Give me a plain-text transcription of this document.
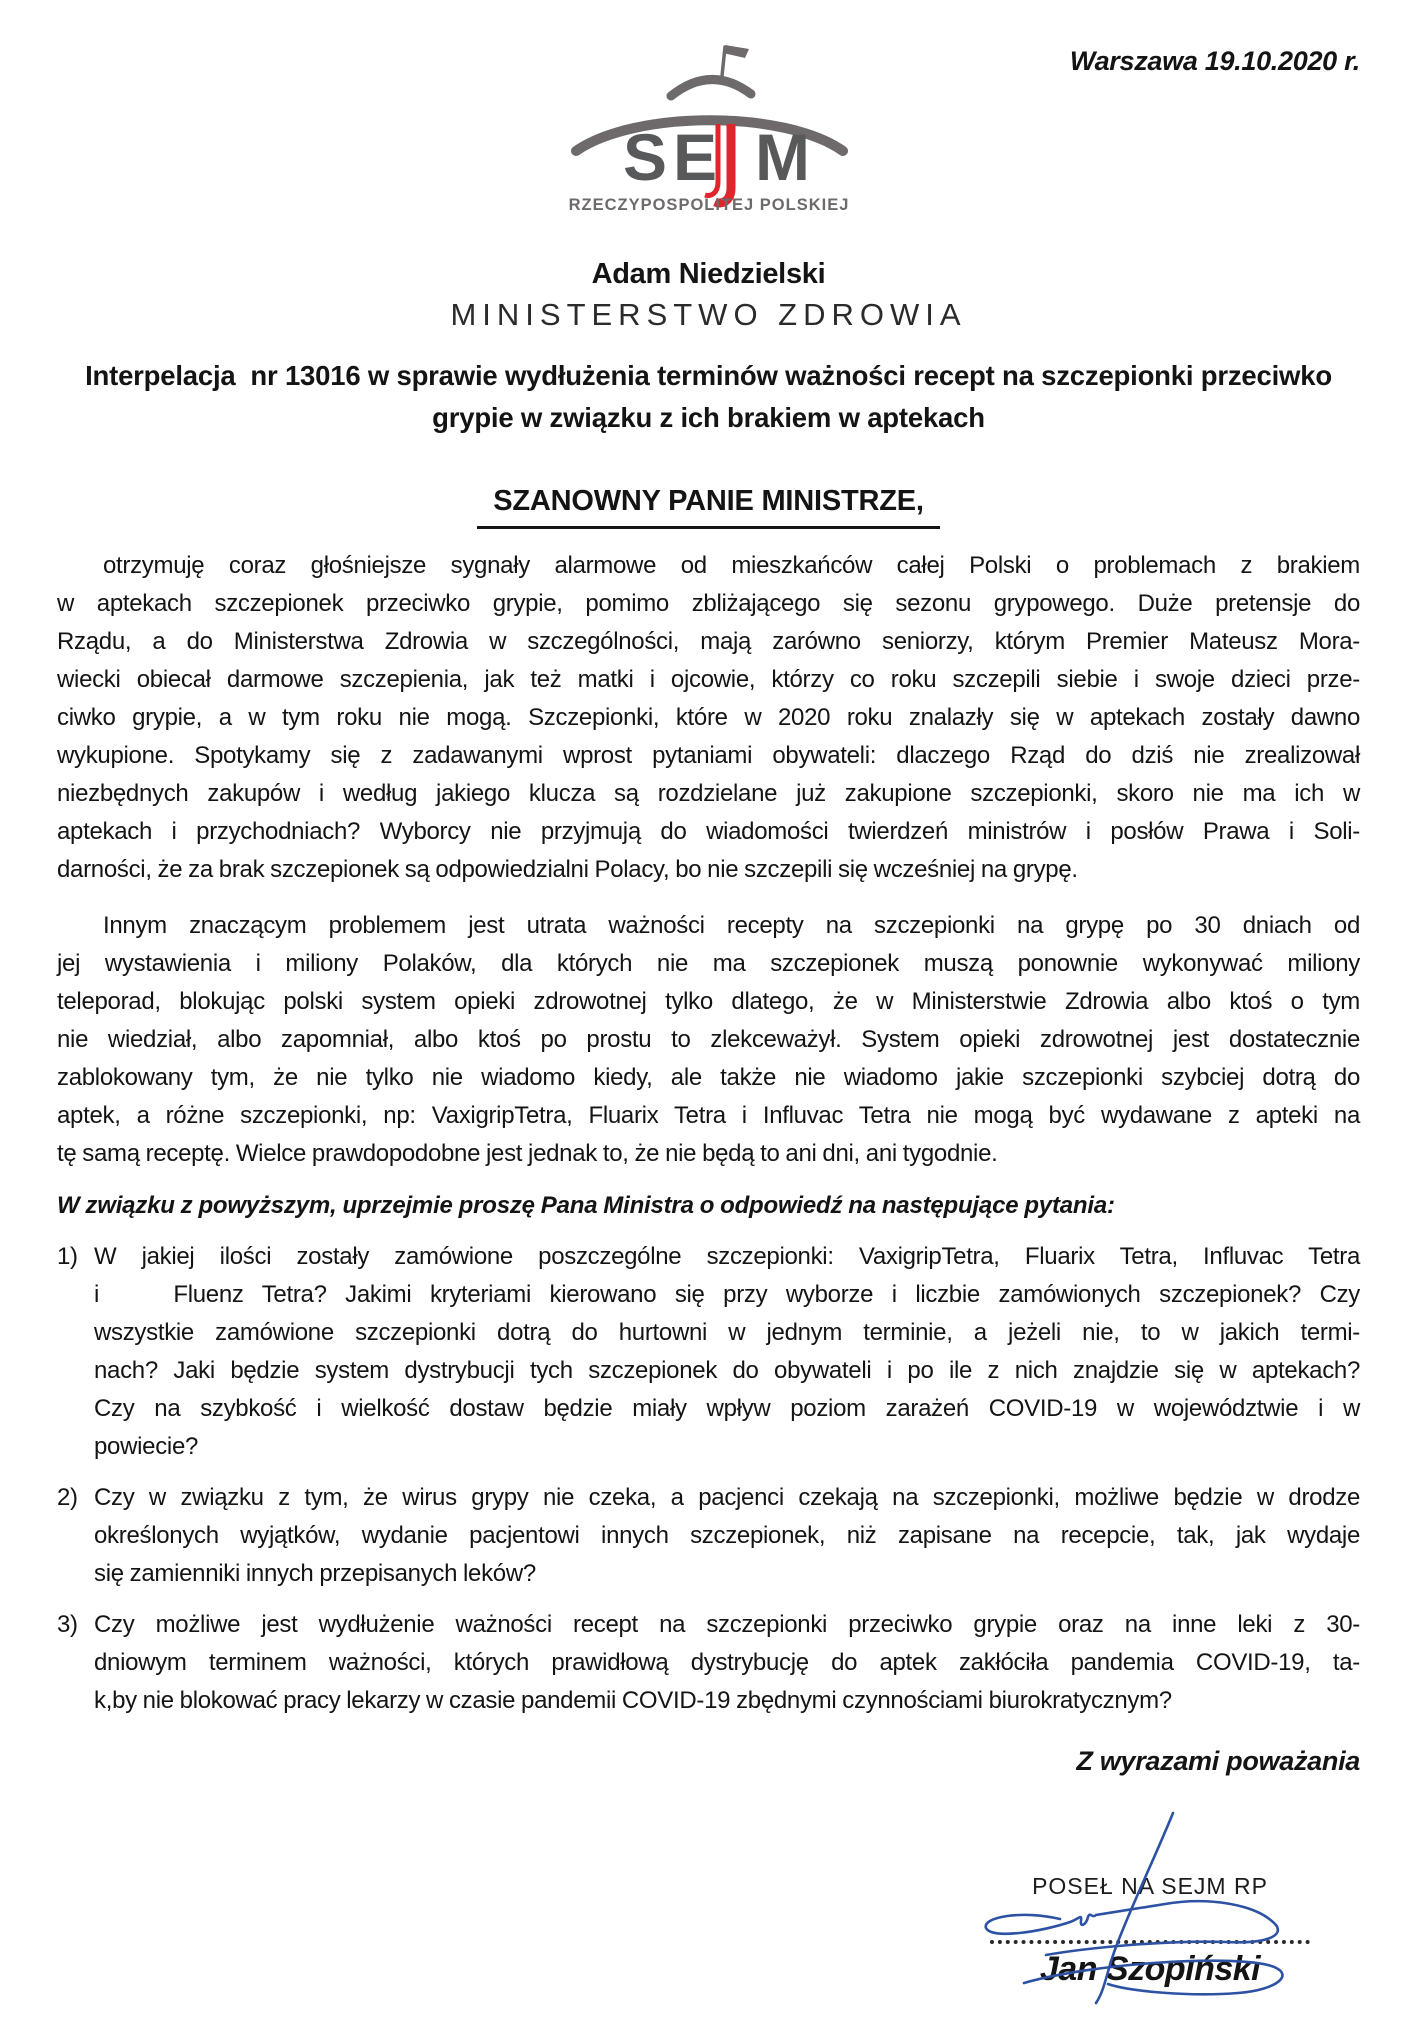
Warszawa 19.10.2020 r.
S E M
RZECZYPOSPOLITEJ POLSKIEJ
Adam Niedzielski
MINISTERSTWO ZDROWIA
Interpelacja  nr 13016 w sprawie wydłużenia terminów ważności recept na szczepionki przeciwko
grypie w związku z ich brakiem w aptekach
SZANOWNY PANIE MINISTRZE,
otrzymuję coraz głośniejsze sygnały alarmowe od mieszkańców całej Polski o problemach z brakiem
w aptekach szczepionek przeciwko grypie, pomimo zbliżającego się sezonu grypowego. Duże pretensje do
Rządu, a do Ministerstwa Zdrowia w szczególności, mają zarówno seniorzy, którym Premier Mateusz Mora-
wiecki obiecał darmowe szczepienia, jak też matki i ojcowie, którzy co roku szczepili siebie i swoje dzieci prze-
ciwko grypie, a w tym roku nie mogą. Szczepionki, które w 2020 roku znalazły się w aptekach zostały dawno
wykupione. Spotykamy się z zadawanymi wprost pytaniami obywateli: dlaczego Rząd do dziś nie zrealizował
niezbędnych zakupów i według jakiego klucza są rozdzielane już zakupione szczepionki, skoro nie ma ich w
aptekach i przychodniach? Wyborcy nie przyjmują do wiadomości twierdzeń ministrów i posłów Prawa i Soli-
darności, że za brak szczepionek są odpowiedzialni Polacy, bo nie szczepili się wcześniej na grypę.
Innym znaczącym problemem jest utrata ważności recepty na szczepionki na grypę po 30 dniach od
jej wystawienia i miliony Polaków, dla których nie ma szczepionek muszą ponownie wykonywać miliony
teleporad, blokując polski system opieki zdrowotnej tylko dlatego, że w Ministerstwie Zdrowia albo ktoś o tym
nie wiedział, albo zapomniał, albo ktoś po prostu to zlekceważył. System opieki zdrowotnej jest dostatecznie
zablokowany tym, że nie tylko nie wiadomo kiedy, ale także nie wiadomo jakie szczepionki szybciej dotrą do
aptek, a różne szczepionki, np: VaxigripTetra, Fluarix Tetra i Influvac Tetra nie mogą być wydawane z apteki na
tę samą receptę. Wielce prawdopodobne jest jednak to, że nie będą to ani dni, ani tygodnie.
W związku z powyższym, uprzejmie proszę Pana Ministra o odpowiedź na następujące pytania:
1) W jakiej ilości zostały zamówione poszczególne szczepionki: VaxigripTetra, Fluarix Tetra, Influvac Tetra
i    Fluenz Tetra? Jakimi kryteriami kierowano się przy wyborze i liczbie zamówionych szczepionek? Czy
wszystkie zamówione szczepionki dotrą do hurtowni w jednym terminie, a jeżeli nie, to w jakich termi-
nach? Jaki będzie system dystrybucji tych szczepionek do obywateli i po ile z nich znajdzie się w aptekach?
Czy na szybkość i wielkość dostaw będzie miały wpływ poziom zarażeń COVID-19 w województwie i w
powiecie?
2) Czy w związku z tym, że wirus grypy nie czeka, a pacjenci czekają na szczepionki, możliwe będzie w drodze
określonych wyjątków, wydanie pacjentowi innych szczepionek, niż zapisane na recepcie, tak, jak wydaje
się zamienniki innych przepisanych leków?
3) Czy możliwe jest wydłużenie ważności recept na szczepionki przeciwko grypie oraz na inne leki z 30-
dniowym terminem ważności, których prawidłową dystrybucję do aptek zakłóciła pandemia COVID-19, ta-
k,by nie blokować pracy lekarzy w czasie pandemii COVID-19 zbędnymi czynnościami biurokratycznym?
Z wyrazami poważania
POSEŁ NA SEJM RP
Jan Szopiński
